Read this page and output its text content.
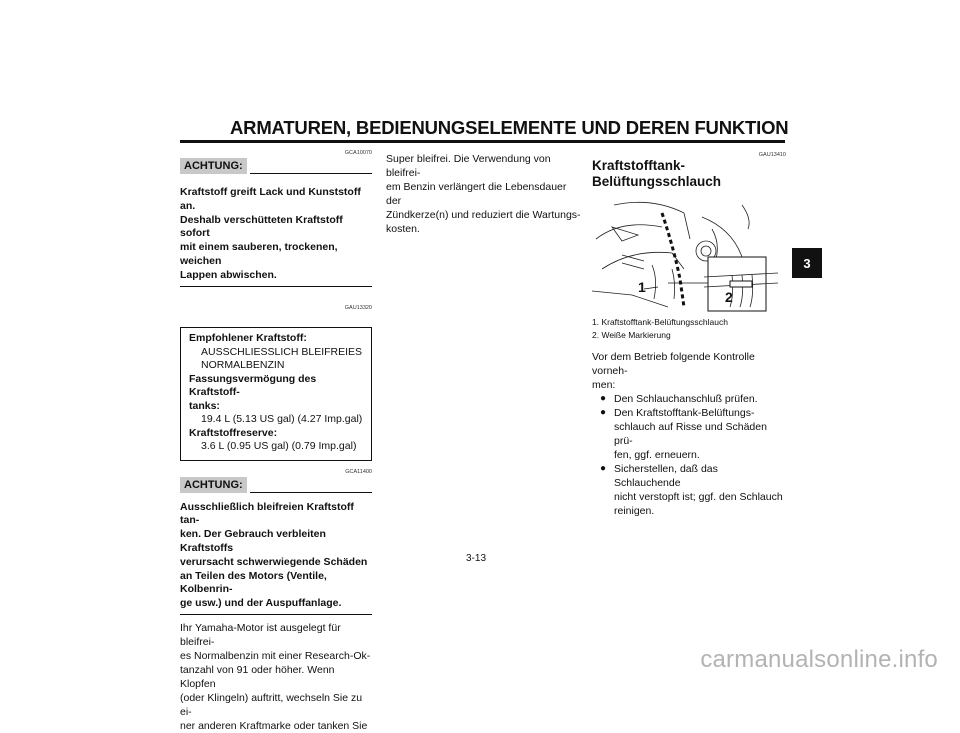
ARMATUREN, BEDIENUNGSELEMENTE UND DEREN FUNKTION
3
GCA10070
ACHTUNG:
Kraftstoff greift Lack und Kunststoff an.
Deshalb verschütteten Kraftstoff sofort
mit einem sauberen, trockenen, weichen
Lappen abwischen.
GAU13320
Empfohlener Kraftstoff:
AUSSCHLIESSLICH BLEIFREIES
NORMALBENZIN
Fassungsvermögung des Kraftstoff-
tanks:
19.4 L (5.13 US gal) (4.27 Imp.gal)
Kraftstoffreserve:
3.6 L (0.95 US gal) (0.79 Imp.gal)
GCA11400
ACHTUNG:
Ausschließlich bleifreien Kraftstoff tan-
ken. Der Gebrauch verbleiten Kraftstoffs
verursacht schwerwiegende Schäden
an Teilen des Motors (Ventile, Kolbenrin-
ge usw.) und der Auspuffanlage.
Ihr Yamaha-Motor ist ausgelegt für bleifrei-
es Normalbenzin mit einer Research-Ok-
tanzahl von 91 oder höher. Wenn Klopfen
(oder Klingeln) auftritt, wechseln Sie zu ei-
ner anderen Kraftmarke oder tanken Sie
Super bleifrei. Die Verwendung von bleifrei-
em Benzin verlängert die Lebensdauer der
Zündkerze(n) und reduziert die Wartungs-
kosten.
GAU13410
Kraftstofftank-
Belüftungsschlauch
1
2
1. Kraftstofftank-Belüftungsschlauch
2. Weiße Markierung
Vor dem Betrieb folgende Kontrolle vorneh-
men:
● Den Schlauchanschluß prüfen.
● Den Kraftstofftank-Belüftungs-
schlauch auf Risse und Schäden prü-
fen, ggf. erneuern.
● Sicherstellen, daß das Schlauchende
nicht verstopft ist; ggf. den Schlauch
reinigen.
3-13
carmanualsonline.info
